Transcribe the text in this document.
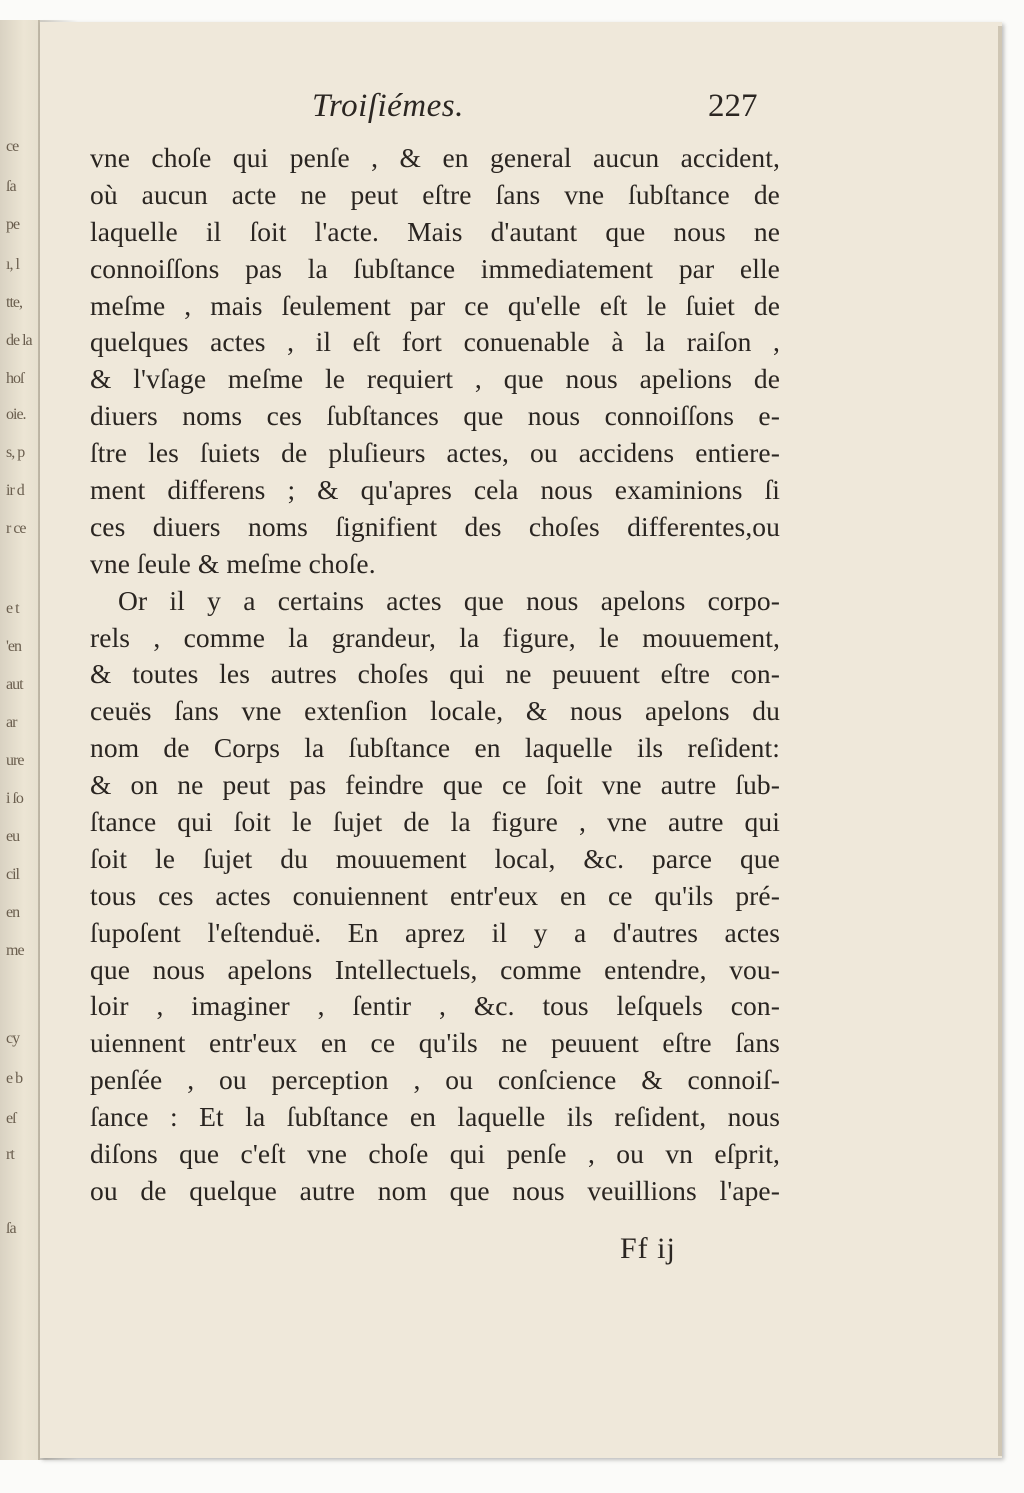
ce
ſa
pe
ı, l
tte,
de la
hoſ
oie.
s, p
ir d
r ce
e t
'en
aut
ar
ure
i ſo
eu
cil
en
me
cy
e b
eſ
rt
ſa
Troiſiémes.	227
vne choſe qui penſe , & en general aucun accident,
où aucun acte ne peut eſtre ſans vne ſubſtance de
laquelle il ſoit l'acte. Mais d'autant que nous ne
connoiſſons pas la ſubſtance immediatement par elle
meſme , mais ſeulement par ce qu'elle eſt le ſuiet de
quelques actes , il eſt fort conuenable à la raiſon ,
& l'vſage meſme le requiert , que nous apelions de
diuers noms ces ſubſtances que nous connoiſſons e-
ſtre les ſuiets de pluſieurs actes, ou accidens entiere-
ment differens ; & qu'apres cela nous examinions ſi
ces diuers noms ſignifient des choſes differentes,ou
vne ſeule & meſme choſe.
Or il y a certains actes que nous apelons corpo-
rels , comme la grandeur, la figure, le mouuement,
& toutes les autres choſes qui ne peuuent eſtre con-
ceuës ſans vne extenſion locale, & nous apelons du
nom de Corps la ſubſtance en laquelle ils reſident:
& on ne peut pas feindre que ce ſoit vne autre ſub-
ſtance qui ſoit le ſujet de la figure , vne autre qui
ſoit le ſujet du mouuement local, &c. parce que
tous ces actes conuiennent entr'eux en ce qu'ils pré-
ſupoſent l'eſtenduë. En aprez il y a d'autres actes
que nous apelons Intellectuels, comme entendre, vou-
loir , imaginer , ſentir , &c. tous leſquels con-
uiennent entr'eux en ce qu'ils ne peuuent eſtre ſans
penſée , ou perception , ou conſcience & connoiſ-
ſance : Et la ſubſtance en laquelle ils reſident, nous
diſons que c'eſt vne choſe qui penſe , ou vn eſprit,
ou de quelque autre nom que nous veuillions l'ape-
Ff ij
